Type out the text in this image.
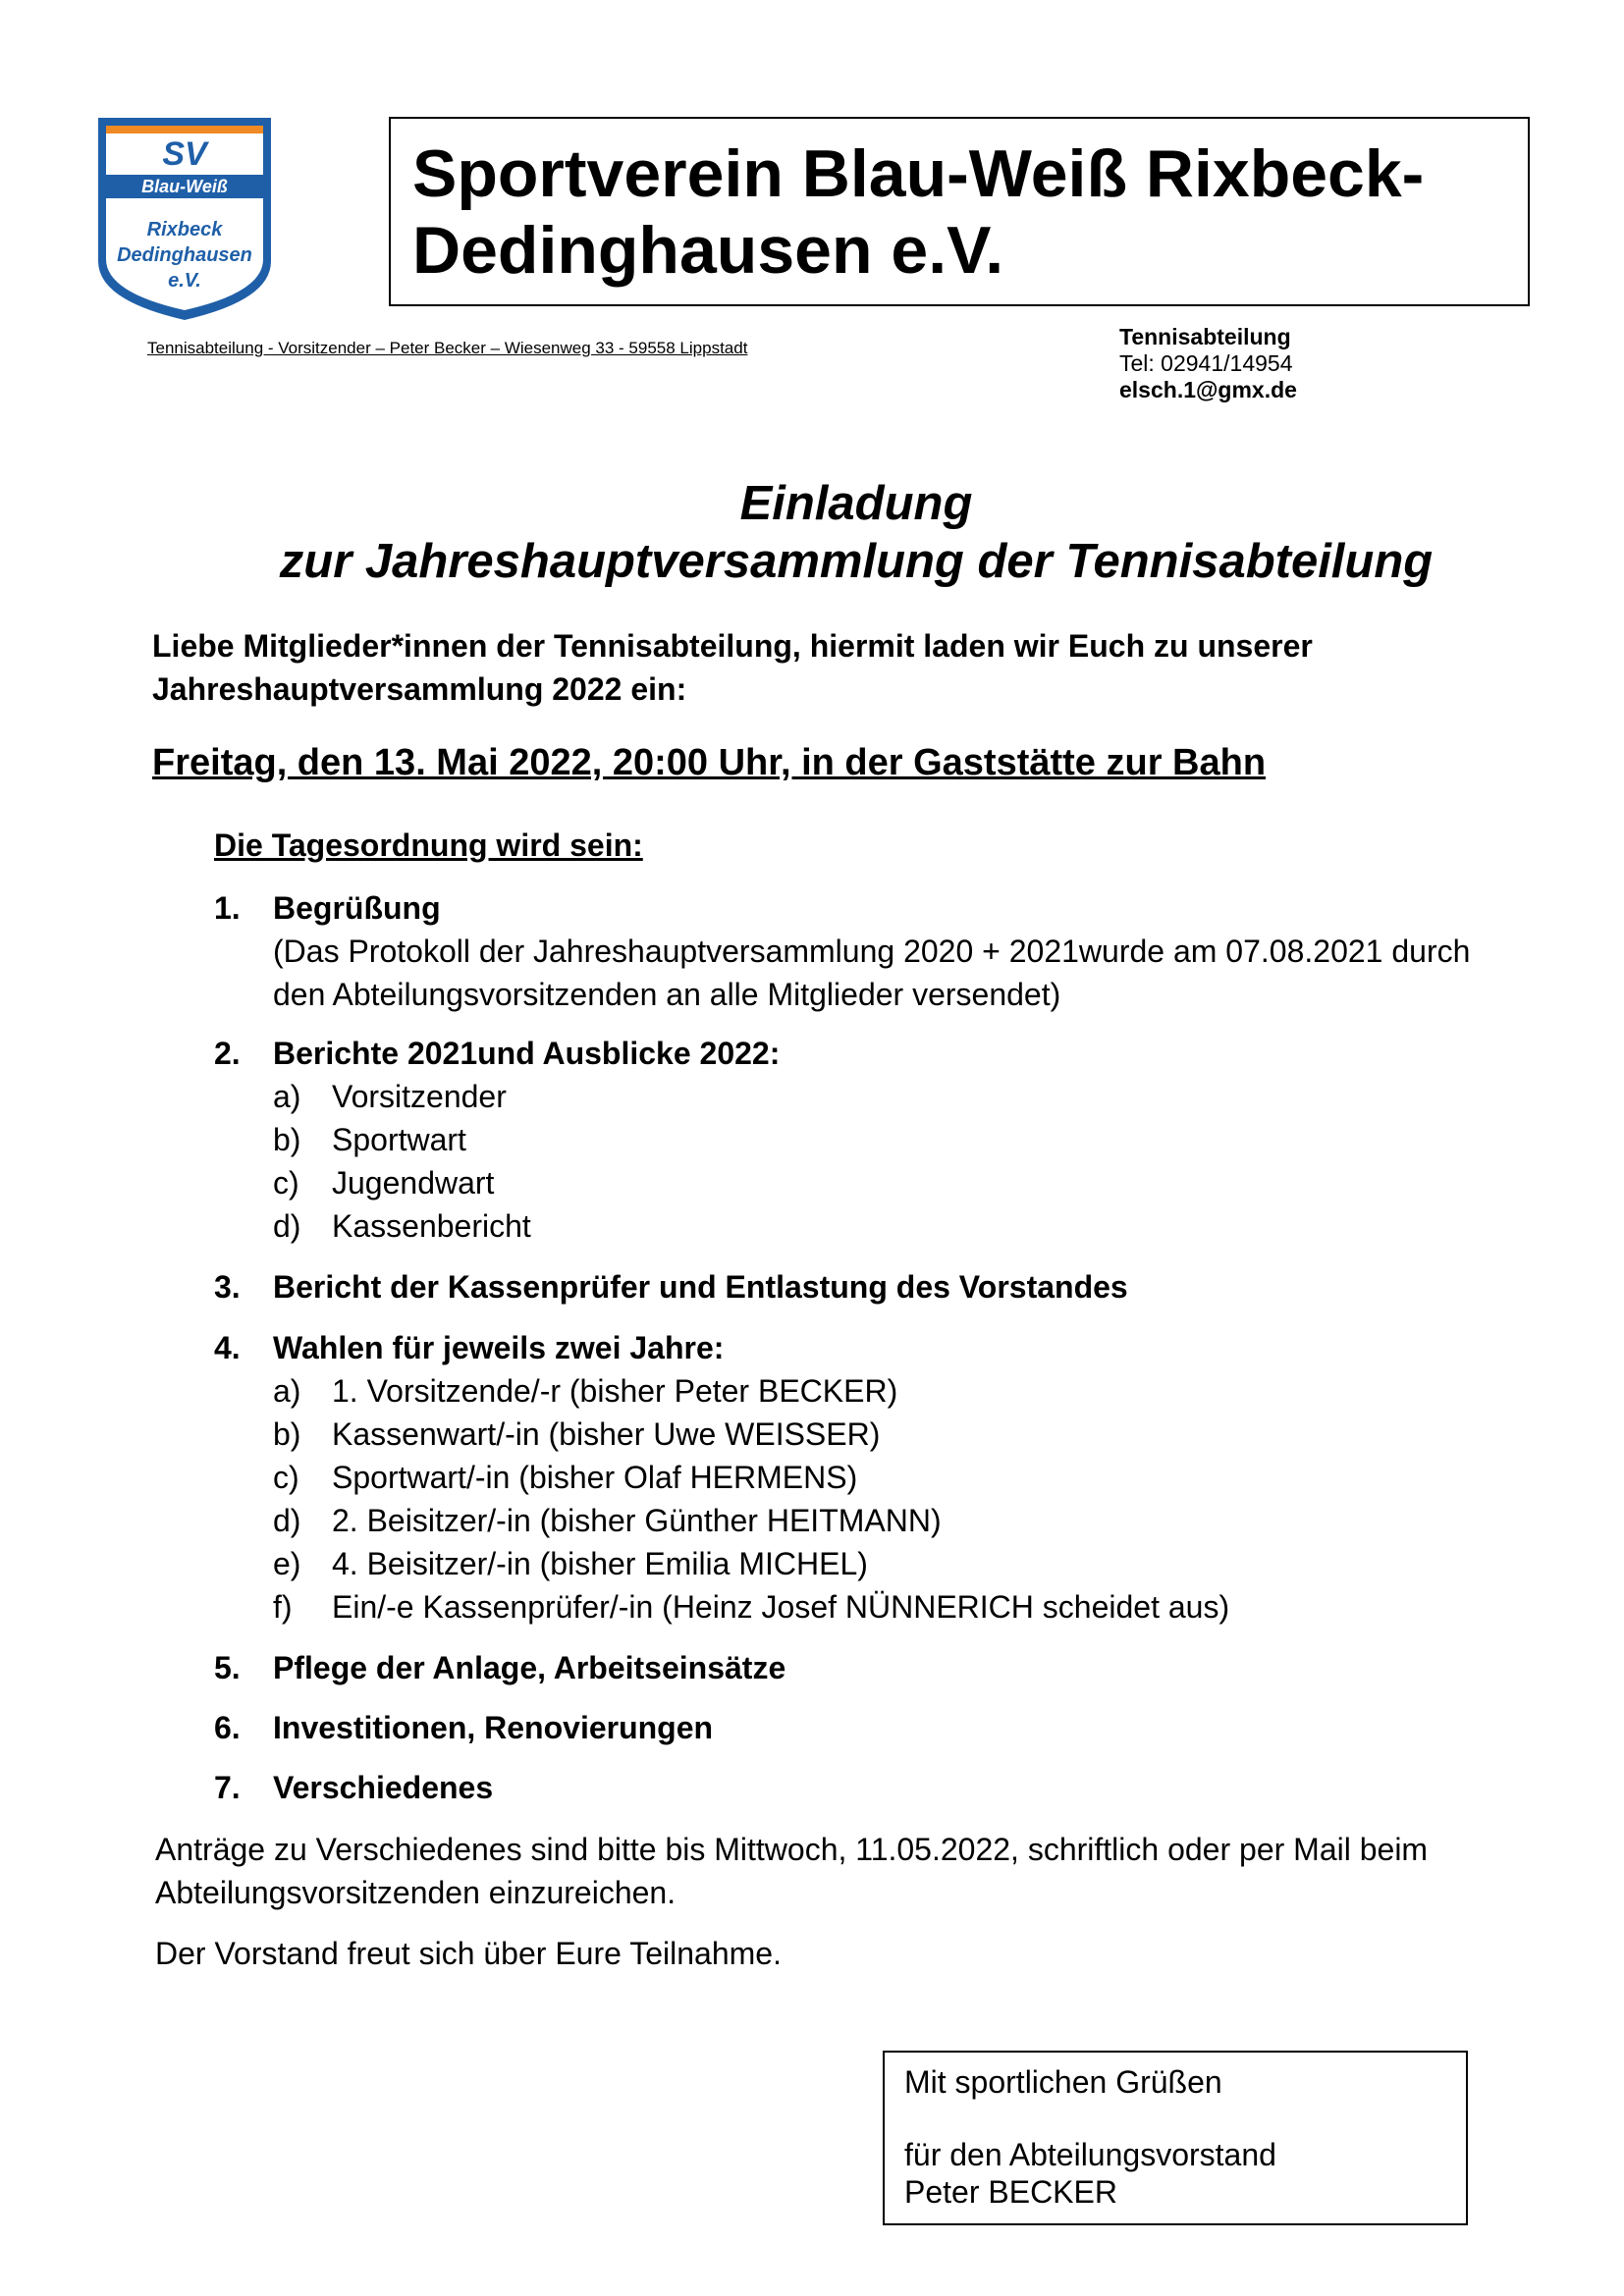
SV
Blau-Weiß
Rixbeck
Dedinghausen
e.V.
Sportverein Blau-Weiß Rixbeck-
Dedinghausen e.V.
Tennisabteilung - Vorsitzender – Peter Becker – Wiesenweg 33 - 59558 Lippstadt	Tennisabteilung
Tel: 02941/14954
elsch.1@gmx.de
Einladung
zur Jahreshauptversammlung der Tennisabteilung
Liebe Mitglieder*innen der Tennisabteilung, hiermit laden wir Euch zu unserer
Jahreshauptversammlung 2022 ein:
Freitag, den 13. Mai 2022, 20:00 Uhr, in der Gaststätte zur Bahn
Die Tagesordnung wird sein:
1. Begrüßung
(Das Protokoll der Jahreshauptversammlung 2020 + 2021wurde am 07.08.2021 durch
den Abteilungsvorsitzenden an alle Mitglieder versendet)
2. Berichte 2021und Ausblicke 2022:
a) Vorsitzender
b) Sportwart
c) Jugendwart
d) Kassenbericht
3. Bericht der Kassenprüfer und Entlastung des Vorstandes
4. Wahlen für jeweils zwei Jahre:
a) 1. Vorsitzende/-r (bisher Peter BECKER)
b) Kassenwart/-in (bisher Uwe WEISSER)
c) Sportwart/-in (bisher Olaf HERMENS)
d) 2. Beisitzer/-in (bisher Günther HEITMANN)
e) 4. Beisitzer/-in (bisher Emilia MICHEL)
f) Ein/-e Kassenprüfer/-in (Heinz Josef NÜNNERICH scheidet aus)
5. Pflege der Anlage, Arbeitseinsätze
6. Investitionen, Renovierungen
7. Verschiedenes
Anträge zu Verschiedenes sind bitte bis Mittwoch, 11.05.2022, schriftlich oder per Mail beim
Abteilungsvorsitzenden einzureichen.
Der Vorstand freut sich über Eure Teilnahme.
Mit sportlichen Grüßen
für den Abteilungsvorstand
Peter BECKER
